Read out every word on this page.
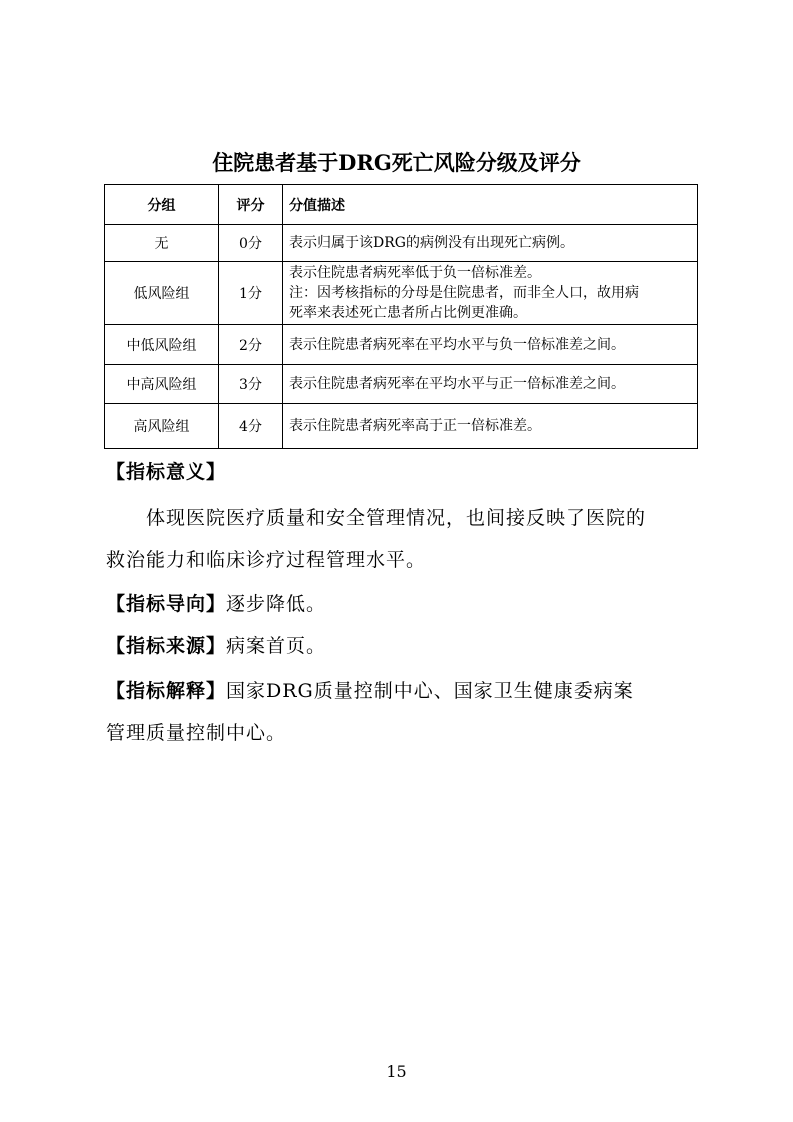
住院患者基于DRG死亡风险分级及评分
分组	评分	分值描述
无	0分	表示归属于该DRG的病例没有出现死亡病例。

低风险组	1分	表示住院患者病死率低于负一倍标准差。
注：因考核指标的分母是住院患者，而非全人口，故用病
死率来表述死亡患者所占比例更准确。

中低风险组	2分	表示住院患者病死率在平均水平与负一倍标准差之间。

中高风险组	3分	表示住院患者病死率在平均水平与正一倍标准差之间。

高风险组	4分	表示住院患者病死率高于正一倍标准差。
【指标意义】
体现医院医疗质量和安全管理情况，也间接反映了医院的
救治能力和临床诊疗过程管理水平。
【指标导向】逐步降低。
【指标来源】病案首页。
【指标解释】国家DRG质量控制中心、国家卫生健康委病案
管理质量控制中心。
15
